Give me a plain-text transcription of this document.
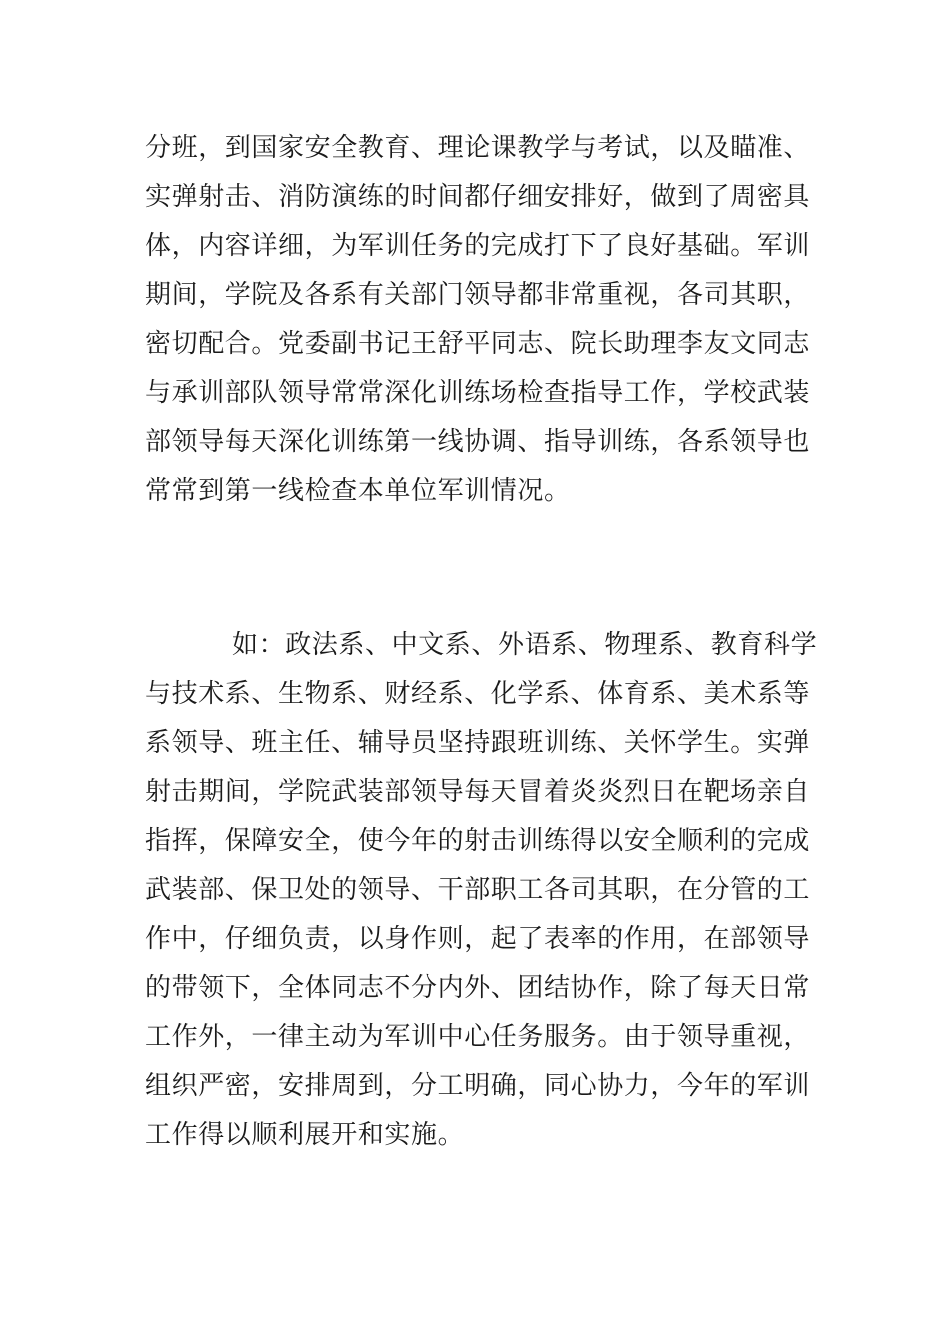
分班，到国家安全教育、理论课教学与考试，以及瞄准、
实弹射击、消防演练的时间都仔细安排好，做到了周密具
体，内容详细，为军训任务的完成打下了良好基础。军训
期间，学院及各系有关部门领导都非常重视，各司其职，
密切配合。党委副书记王舒平同志、院长助理李友文同志
与承训部队领导常常深化训练场检查指导工作，学校武装
部领导每天深化训练第一线协调、指导训练，各系领导也
常常到第一线检查本单位军训情况。
如：政法系、中文系、外语系、物理系、教育科学
与技术系、生物系、财经系、化学系、体育系、美术系等
系领导、班主任、辅导员坚持跟班训练、关怀学生。实弹
射击期间，学院武装部领导每天冒着炎炎烈日在靶场亲自
指挥，保障安全，使今年的射击训练得以安全顺利的完成
武装部、保卫处的领导、干部职工各司其职，在分管的工
作中，仔细负责，以身作则，起了表率的作用，在部领导
的带领下，全体同志不分内外、团结协作，除了每天日常
工作外，一律主动为军训中心任务服务。由于领导重视，
组织严密，安排周到，分工明确，同心协力，今年的军训
工作得以顺利展开和实施。
